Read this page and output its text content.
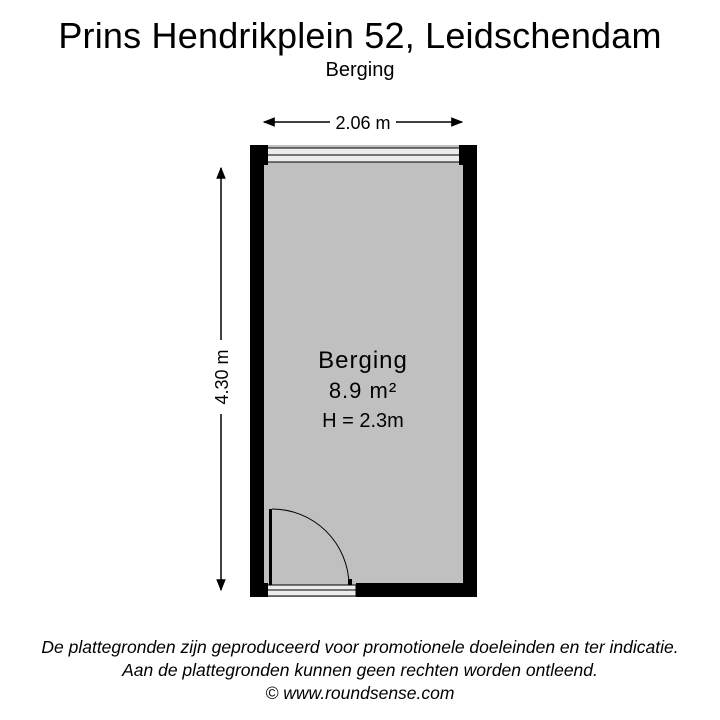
Prins Hendrikplein 52, Leidschendam
Berging
2.06 m
4.30 m	Berging
8.9 m²
H = 2.3m
De plattegronden zijn geproduceerd voor promotionele doeleinden en ter indicatie.
Aan de plattegronden kunnen geen rechten worden ontleend.
© www.roundsense.com
